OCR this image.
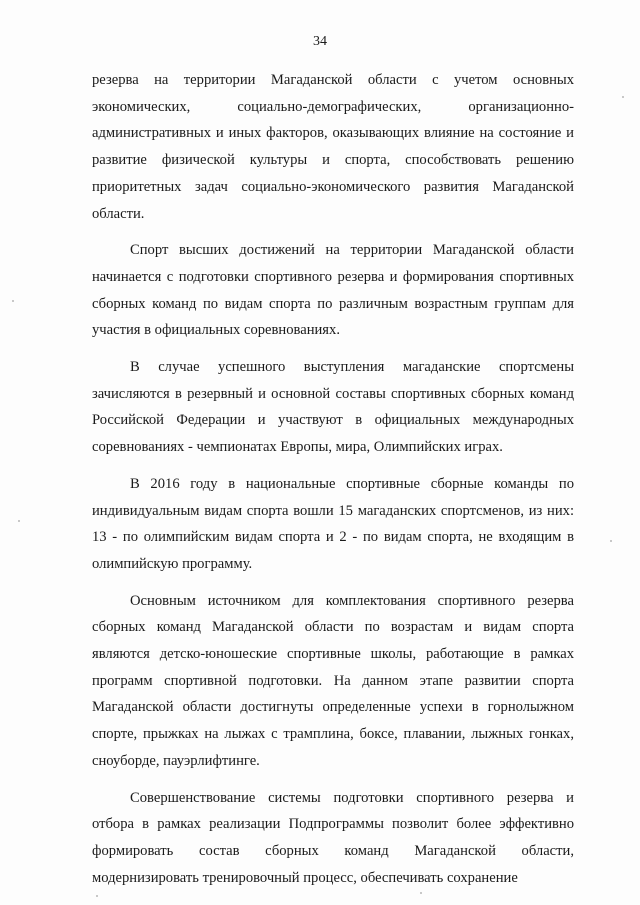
34

резерва на территории Магаданской области с учетом основных экономических, социально-демографических, организационно-административных и иных факторов, оказывающих влияние на состояние и развитие физической культуры и спорта, способствовать решению приоритетных задач социально-экономического развития Магаданской области.

Спорт высших достижений на территории Магаданской области начинается с подготовки спортивного резерва и формирования спортивных сборных команд по видам спорта по различным возрастным группам для участия в официальных соревнованиях.

В случае успешного выступления магаданские спортсмены зачисляются в резервный и основной составы спортивных сборных команд Российской Федерации и участвуют в официальных международных соревнованиях - чемпионатах Европы, мира, Олимпийских играх.

В 2016 году в национальные спортивные сборные команды по индивидуальным видам спорта вошли 15 магаданских спортсменов, из них: 13 - по олимпийским видам спорта и 2 - по видам спорта, не входящим в олимпийскую программу.

Основным источником для комплектования спортивного резерва сборных команд Магаданской области по возрастам и видам спорта являются детско-юношеские спортивные школы, работающие в рамках программ спортивной подготовки. На данном этапе развитии спорта Магаданской области достигнуты определенные успехи в горнолыжном спорте, прыжках на лыжах с трамплина, боксе, плавании, лыжных гонках, сноуборде, пауэрлифтинге.

Совершенствование системы подготовки спортивного резерва и отбора в рамках реализации Подпрограммы позволит более эффективно формировать состав сборных команд Магаданской области, модернизировать тренировочный процесс, обеспечивать сохранение
